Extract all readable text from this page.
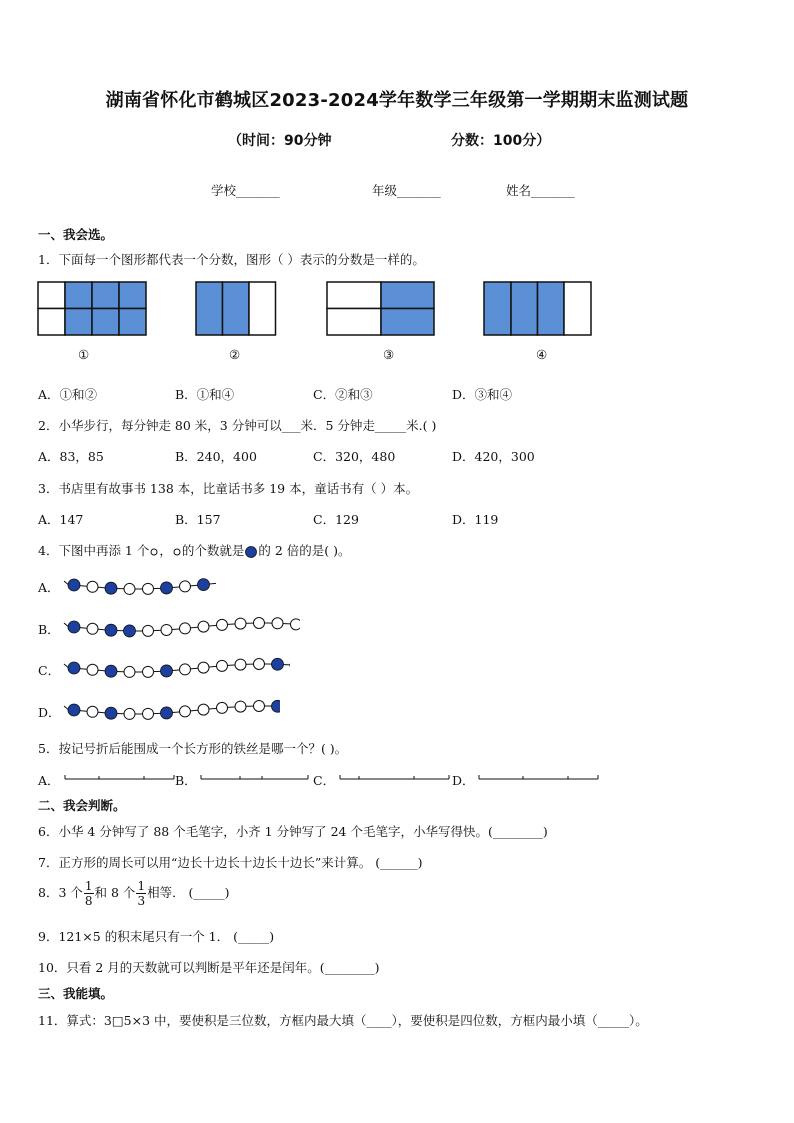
湖南省怀化市鹤城区2023-2024学年数学三年级第一学期期末监测试题
（时间：90分钟	分数：100分）
学校_______	年级_______	姓名_______
一、我会选。
1．下面每一个图形都代表一个分数，图形（ ）表示的分数是一样的。
①	②	③	④
A．①和②	B．①和④	C．②和③	D．③和④
2．小华步行，每分钟走 80 米，3 分钟可以___米．5 分钟走_____米.( )
A．83，85	B．240，400	C．320，480	D．420，300
3．书店里有故事书 138 本，比童话书多 19 本，童话书有（ ）本。
A．147	B．157	C．129	D．119
4．下图中再添 1 个 ， 的个数就是 的 2 倍的是( )。
A．
B．
C．
D．
5．按记号折后能围成一个长方形的铁丝是哪一个？( )。
A．	B．	C．	D．
二、我会判断。
6．小华 4 分钟写了 88 个毛笔字，小齐 1 分钟写了 24 个毛笔字，小华写得快。(________)
7．正方形的周长可以用“边长十边长十边长十边长”来计算。 (______)
8．3 个 $\frac{1}{8}$ 和 8 个 $\frac{1}{3}$ 相等． (_____)
9．121×5 的积末尾只有一个 1． (_____)
10．只看 2 月的天数就可以判断是平年还是闰年。(________)
三、我能填。
11．算式：3□5×3 中，要使积是三位数，方框内最大填（____），要使积是四位数，方框内最小填（_____）。
